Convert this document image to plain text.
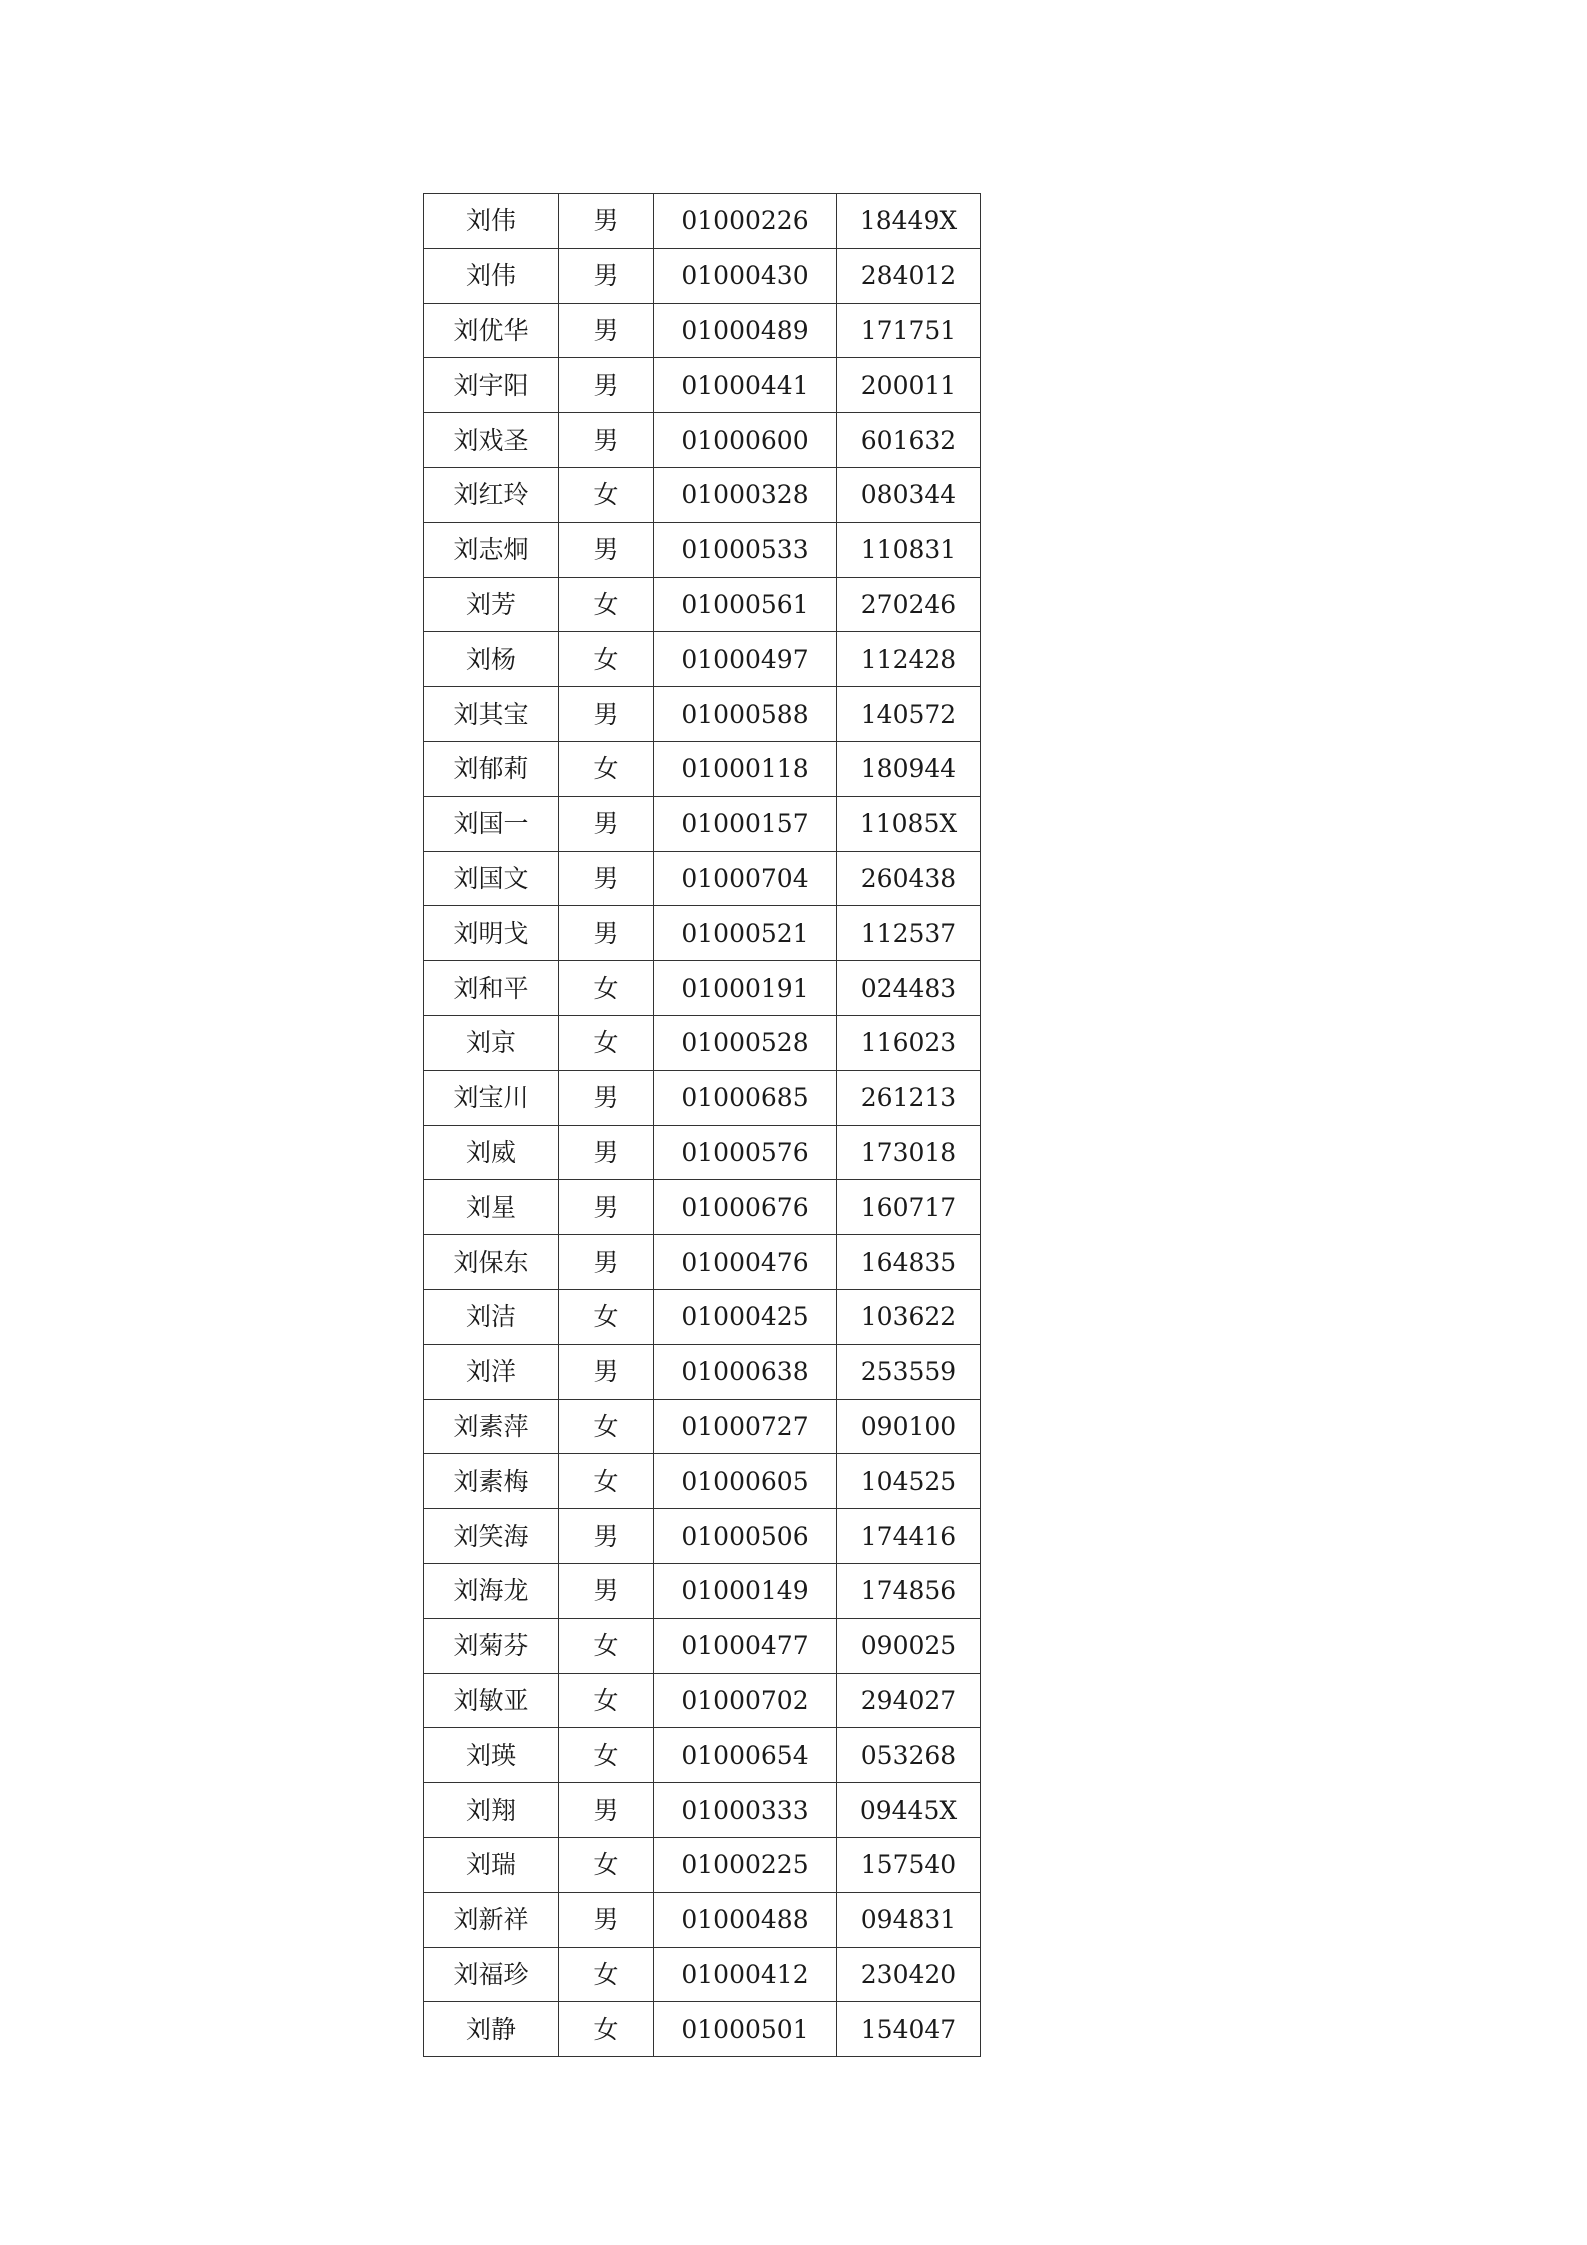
刘伟	男	01000226	18449X
刘伟	男	01000430	284012
刘优华	男	01000489	171751
刘宇阳	男	01000441	200011
刘戏圣	男	01000600	601632
刘红玲	女	01000328	080344
刘志炯	男	01000533	110831
刘芳	女	01000561	270246
刘杨	女	01000497	112428
刘其宝	男	01000588	140572
刘郁莉	女	01000118	180944
刘国一	男	01000157	11085X
刘国文	男	01000704	260438
刘明戈	男	01000521	112537
刘和平	女	01000191	024483
刘京	女	01000528	116023
刘宝川	男	01000685	261213
刘威	男	01000576	173018
刘星	男	01000676	160717
刘保东	男	01000476	164835
刘洁	女	01000425	103622
刘洋	男	01000638	253559
刘素萍	女	01000727	090100
刘素梅	女	01000605	104525
刘笑海	男	01000506	174416
刘海龙	男	01000149	174856
刘菊芬	女	01000477	090025
刘敏亚	女	01000702	294027
刘瑛	女	01000654	053268
刘翔	男	01000333	09445X
刘瑞	女	01000225	157540
刘新祥	男	01000488	094831
刘福珍	女	01000412	230420
刘静	女	01000501	154047
